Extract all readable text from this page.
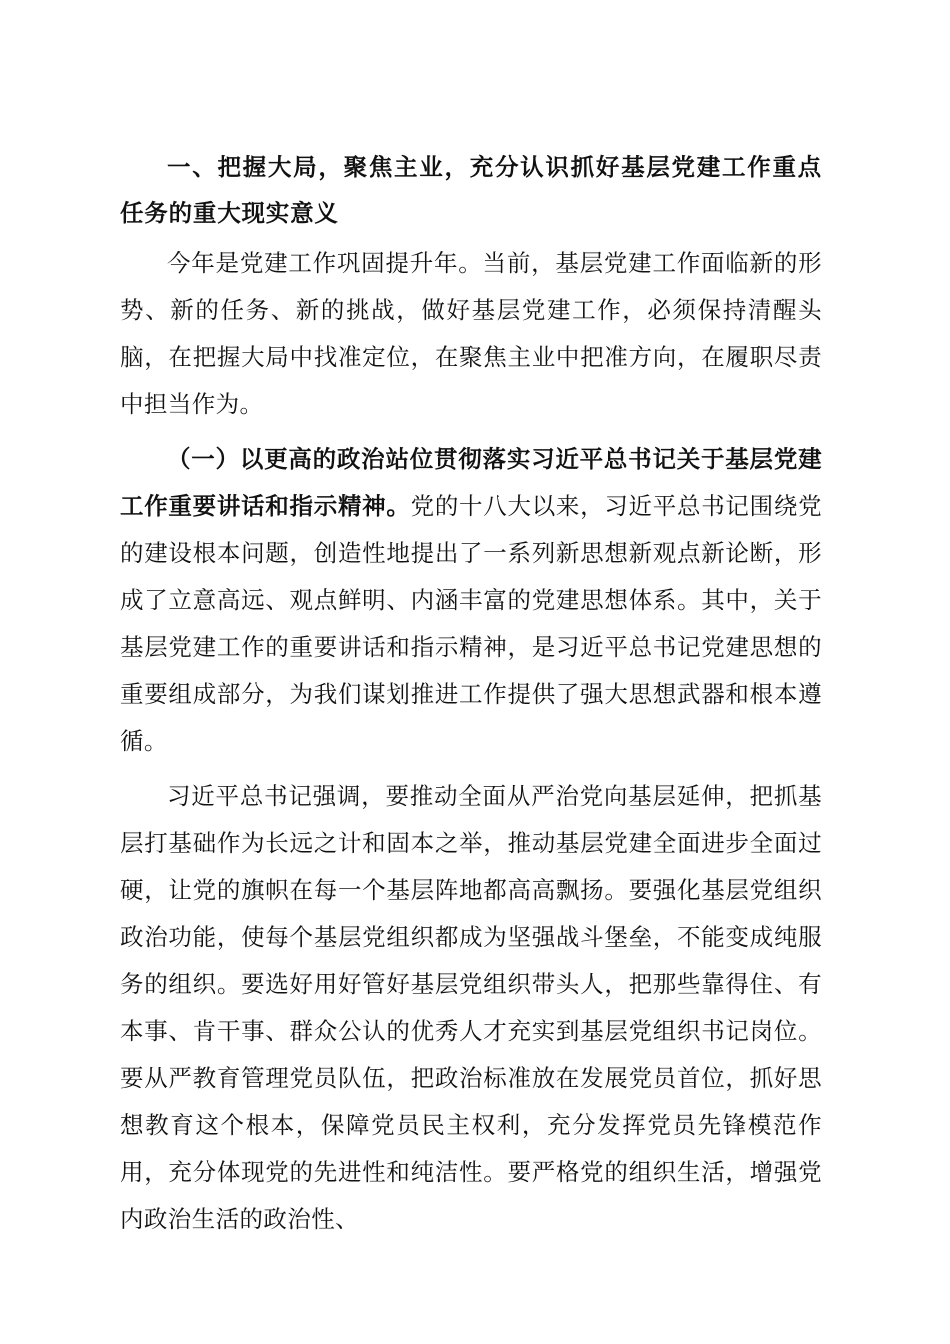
一、把握大局，聚焦主业，充分认识抓好基层党建工作重点任务的重大现实意义

今年是党建工作巩固提升年。当前，基层党建工作面临新的形势、新的任务、新的挑战，做好基层党建工作，必须保持清醒头脑，在把握大局中找准定位，在聚焦主业中把准方向，在履职尽责中担当作为。

（一）以更高的政治站位贯彻落实习近平总书记关于基层党建工作重要讲话和指示精神。党的十八大以来，习近平总书记围绕党的建设根本问题，创造性地提出了一系列新思想新观点新论断，形成了立意高远、观点鲜明、内涵丰富的党建思想体系。其中，关于基层党建工作的重要讲话和指示精神，是习近平总书记党建思想的重要组成部分，为我们谋划推进工作提供了强大思想武器和根本遵循。

习近平总书记强调，要推动全面从严治党向基层延伸，把抓基层打基础作为长远之计和固本之举，推动基层党建全面进步全面过硬，让党的旗帜在每一个基层阵地都高高飘扬。要强化基层党组织政治功能，使每个基层党组织都成为坚强战斗堡垒，不能变成纯服务的组织。要选好用好管好基层党组织带头人，把那些靠得住、有本事、肯干事、群众公认的优秀人才充实到基层党组织书记岗位。要从严教育管理党员队伍，把政治标准放在发展党员首位，抓好思想教育这个根本，保障党员民主权利，充分发挥党员先锋模范作用，充分体现党的先进性和纯洁性。要严格党的组织生活，增强党内政治生活的政治性、
